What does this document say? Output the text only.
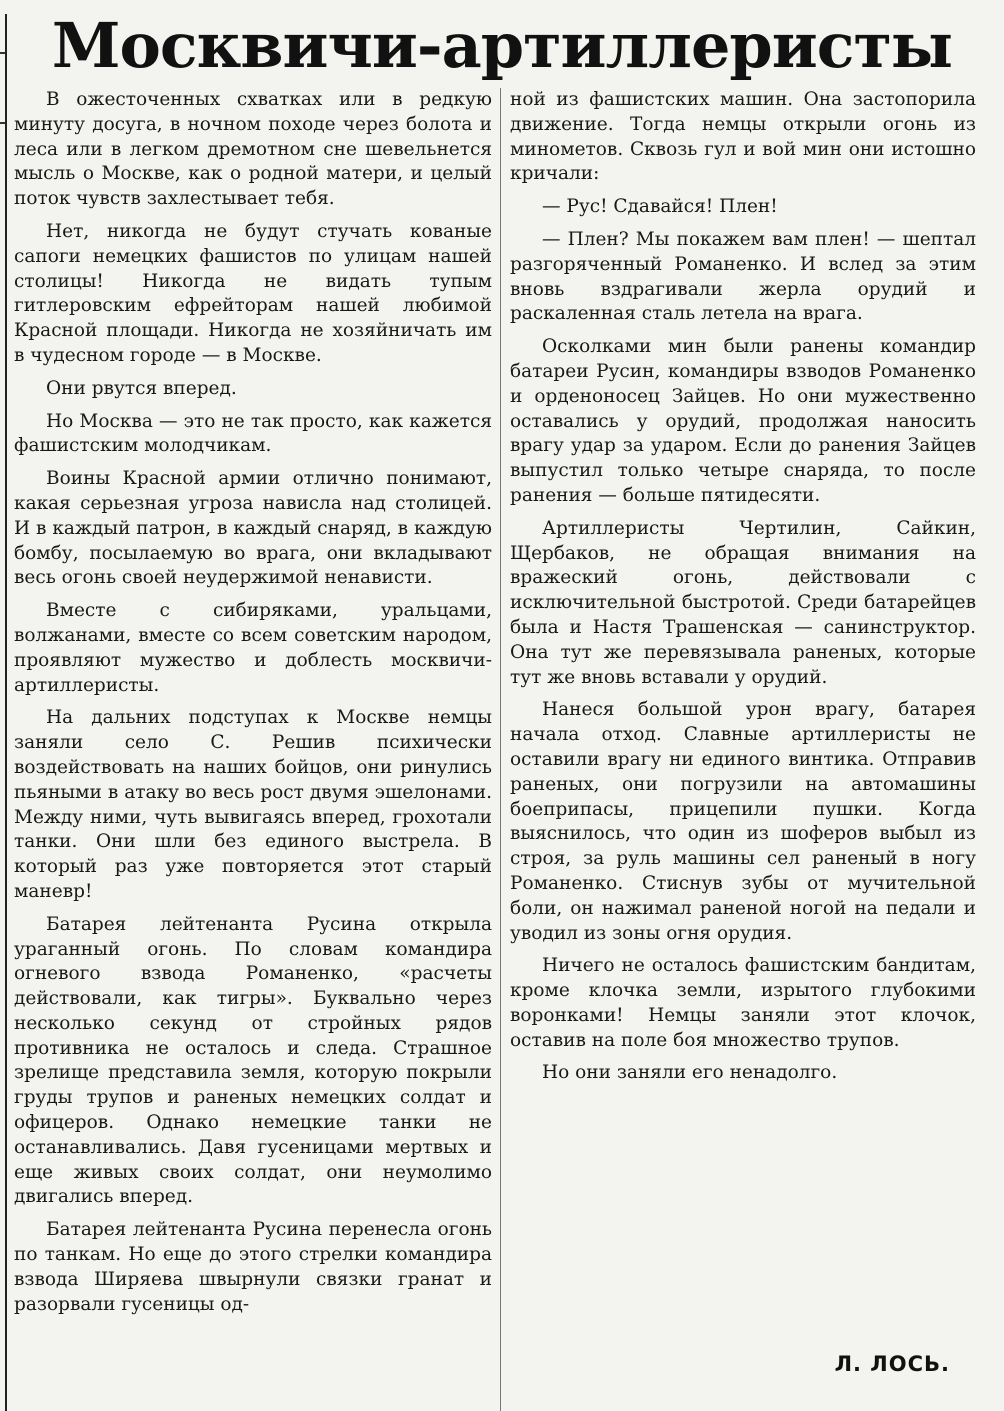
Москвичи-артиллеристы

В ожесточенных схватках или в редкую минуту досуга, в ночном походе через болота и леса или в легком дремотном сне шевельнется мысль о Москве, как о родной матери, и целый поток чувств захлестывает тебя.

Нет, никогда не будут стучать кованые сапоги немецких фашистов по улицам нашей столицы! Никогда не видать тупым гитлеровским ефрейторам нашей любимой Красной площади. Никогда не хозяйничать им в чудесном городе — в Москве.

Они рвутся вперед.

Но Москва — это не так просто, как кажется фашистским молодчикам.

Воины Красной армии отлично понимают, какая серьезная угроза нависла над столицей. И в каждый патрон, в каждый снаряд, в каждую бомбу, посылаемую во врага, они вкладывают весь огонь своей неудержимой ненависти.

Вместе с сибиряками, уральцами, волжанами, вместе со всем советским народом, проявляют мужество и доблесть москвичи-артиллеристы.

На дальних подступах к Москве немцы заняли село С. Решив психически воздействовать на наших бойцов, они ринулись пьяными в атаку во весь рост двумя эшелонами. Между ними, чуть вывигаясь вперед, грохотали танки. Они шли без единого выстрела. В который раз уже повторяется этот старый маневр!

Батарея лейтенанта Русина открыла ураганный огонь. По словам командира огневого взвода Романенко, «расчеты действовали, как тигры». Буквально через несколько секунд от стройных рядов противника не осталось и следа. Страшное зрелище представила земля, которую покрыли груды трупов и раненых немецких солдат и офицеров. Однако немецкие танки не останавливались. Давя гусеницами мертвых и еще живых своих солдат, они неумолимо двигались вперед.

Батарея лейтенанта Русина перенесла огонь по танкам. Но еще до этого стрелки командира взвода Ширяева швырнули связки гранат и разорвали гусеницы од-

ной из фашистских машин. Она застопорила движение. Тогда немцы открыли огонь из минометов. Сквозь гул и вой мин они истошно кричали:

— Рус! Сдавайся! Плен!

— Плен? Мы покажем вам плен! — шептал разгоряченный Романенко. И вслед за этим вновь вздрагивали жерла орудий и раскаленная сталь летела на врага.

Осколками мин были ранены командир батареи Русин, командиры взводов Романенко и орденоносец Зайцев. Но они мужественно оставались у орудий, продолжая наносить врагу удар за ударом. Если до ранения Зайцев выпустил только четыре снаряда, то после ранения — больше пятидесяти.

Артиллеристы Чертилин, Сайкин, Щербаков, не обращая внимания на вражеский огонь, действовали с исключительной быстротой. Среди батарейцев была и Настя Трашенская — санинструктор. Она тут же перевязывала раненых, которые тут же вновь вставали у орудий.

Нанеся большой урон врагу, батарея начала отход. Славные артиллеристы не оставили врагу ни единого винтика. Отправив раненых, они погрузили на автомашины боеприпасы, прицепили пушки. Когда выяснилось, что один из шоферов выбыл из строя, за руль машины сел раненый в ногу Романенко. Стиснув зубы от мучительной боли, он нажимал раненой ногой на педали и уводил из зоны огня орудия.

Ничего не осталось фашистским бандитам, кроме клочка земли, изрытого глубокими воронками! Немцы заняли этот клочок, оставив на поле боя множество трупов.

Но они заняли его ненадолго.

Л. ЛОСЬ.
